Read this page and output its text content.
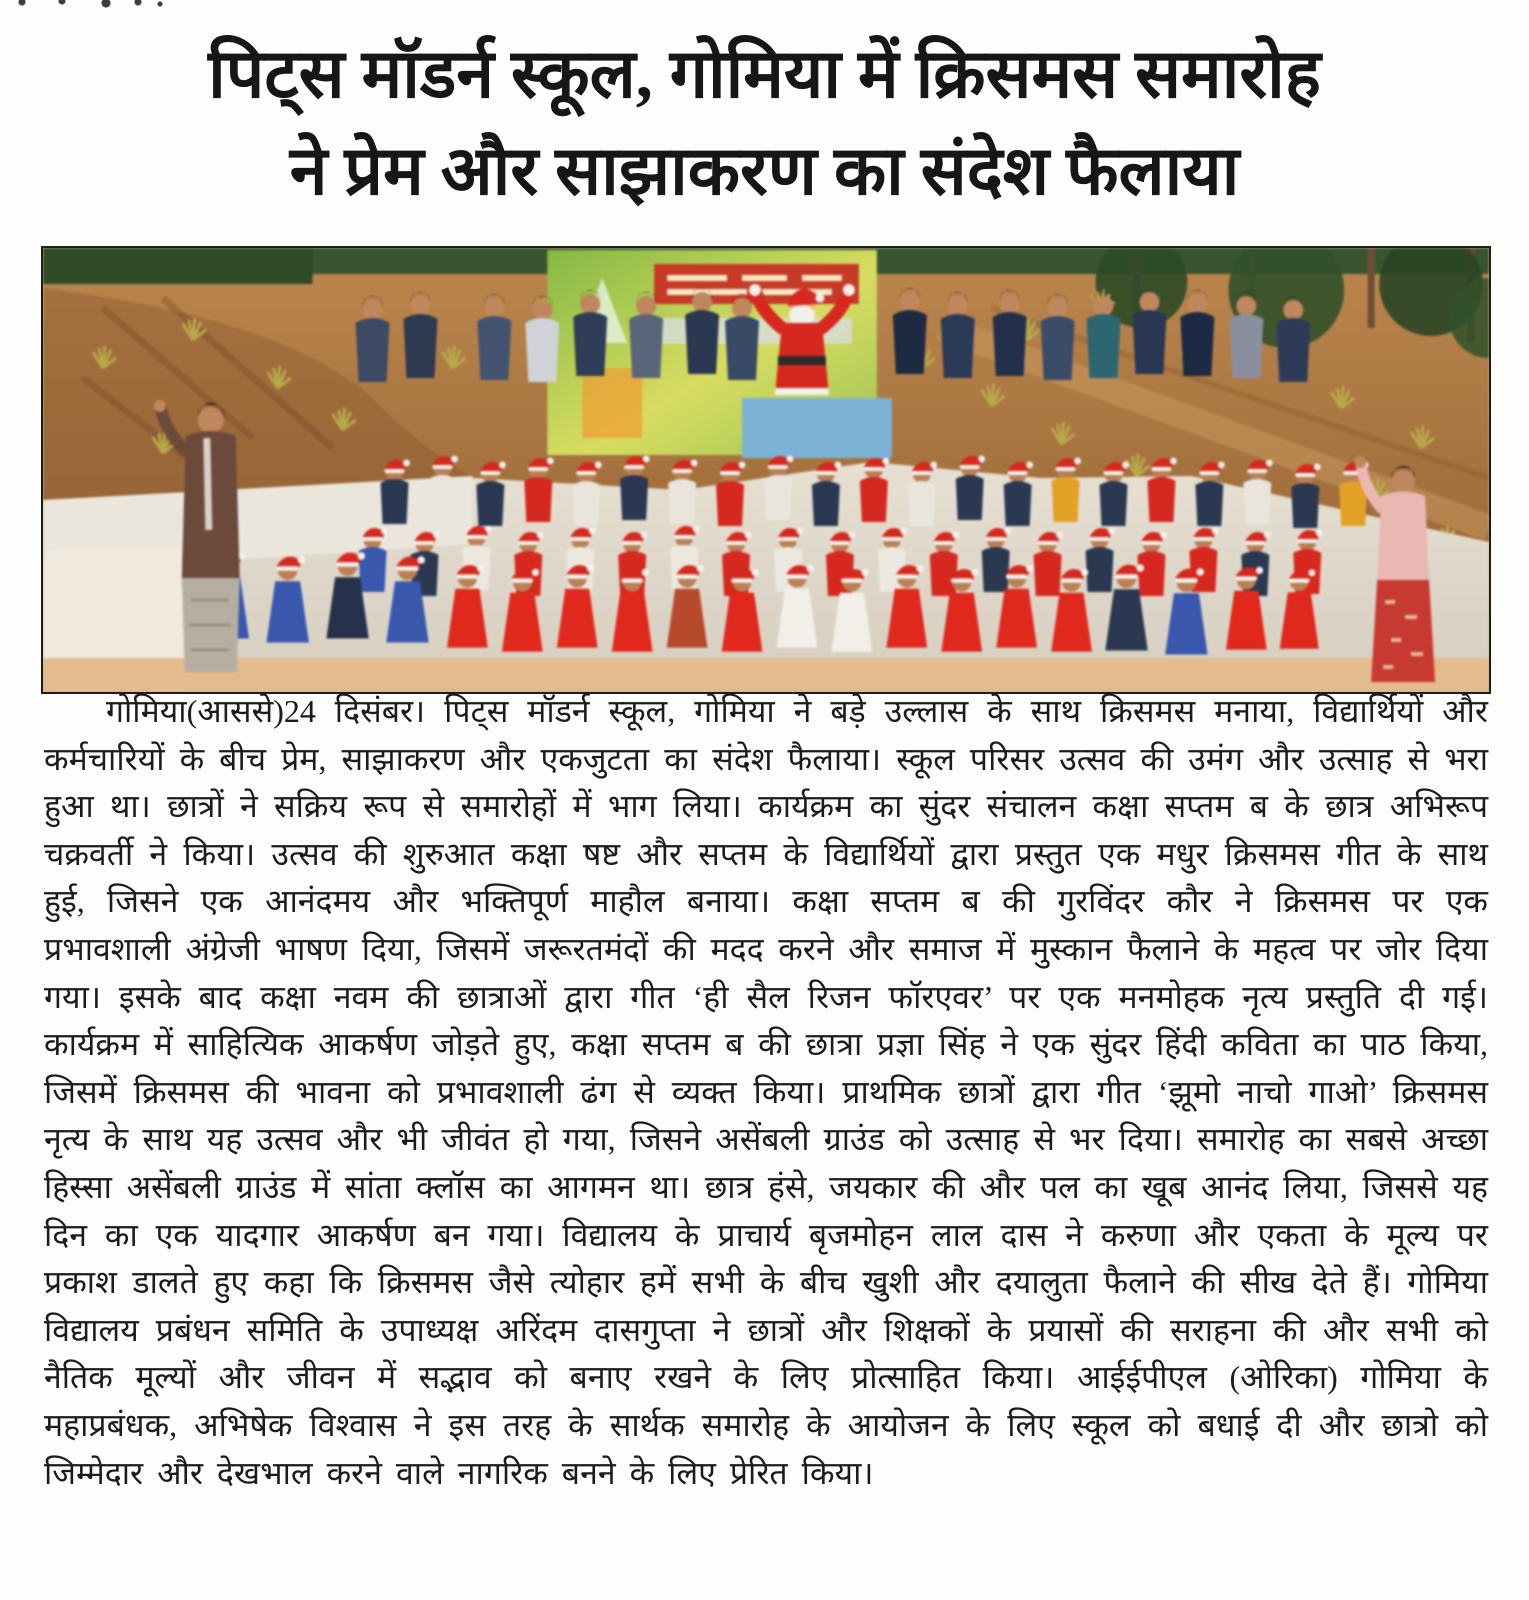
पिट्स मॉडर्न स्कूल, गोमिया में क्रिसमस समारोह
ने प्रेम और साझाकरण का संदेश फैलाया

गोमिया(आससे)24 दिसंबर। पिट्स मॉडर्न स्कूल, गोमिया ने बड़े उल्लास के साथ क्रिसमस मनाया, विद्यार्थियों और कर्मचारियों के बीच प्रेम, साझाकरण और एकजुटता का संदेश फैलाया। स्कूल परिसर उत्सव की उमंग और उत्साह से भरा हुआ था। छात्रों ने सक्रिय रूप से समारोहों में भाग लिया। कार्यक्रम का सुंदर संचालन कक्षा सप्तम ब के छात्र अभिरूप चक्रवर्ती ने किया। उत्सव की शुरुआत कक्षा षष्ट और सप्तम के विद्यार्थियों द्वारा प्रस्तुत एक मधुर क्रिसमस गीत के साथ हुई, जिसने एक आनंदमय और भक्तिपूर्ण माहौल बनाया। कक्षा सप्तम ब की गुरविंदर कौर ने क्रिसमस पर एक प्रभावशाली अंग्रेजी भाषण दिया, जिसमें जरूरतमंदों की मदद करने और समाज में मुस्कान फैलाने के महत्व पर जोर दिया गया। इसके बाद कक्षा नवम की छात्राओं द्वारा गीत ‘ही सैल रिजन फॉरएवर’ पर एक मनमोहक नृत्य प्रस्तुति दी गई। कार्यक्रम में साहित्यिक आकर्षण जोड़ते हुए, कक्षा सप्तम ब की छात्रा प्रज्ञा सिंह ने एक सुंदर हिंदी कविता का पाठ किया, जिसमें क्रिसमस की भावना को प्रभावशाली ढंग से व्यक्त किया। प्राथमिक छात्रों द्वारा गीत ‘झूमो नाचो गाओ’ क्रिसमस नृत्य के साथ यह उत्सव और भी जीवंत हो गया, जिसने असेंबली ग्राउंड को उत्साह से भर दिया। समारोह का सबसे अच्छा हिस्सा असेंबली ग्राउंड में सांता क्लॉस का आगमन था। छात्र हंसे, जयकार की और पल का खूब आनंद लिया, जिससे यह दिन का एक यादगार आकर्षण बन गया। विद्यालय के प्राचार्य बृजमोहन लाल दास ने करुणा और एकता के मूल्य पर प्रकाश डालते हुए कहा कि क्रिसमस जैसे त्योहार हमें सभी के बीच खुशी और दयालुता फैलाने की सीख देते हैं। गोमिया विद्यालय प्रबंधन समिति के उपाध्यक्ष अरिंदम दासगुप्ता ने छात्रों और शिक्षकों के प्रयासों की सराहना की और सभी को नैतिक मूल्यों और जीवन में सद्भाव को बनाए रखने के लिए प्रोत्साहित किया। आईईपीएल (ओरिका) गोमिया के महाप्रबंधक, अभिषेक विश्वास ने इस तरह के सार्थक समारोह के आयोजन के लिए स्कूल को बधाई दी और छात्रो को जिम्मेदार और देखभाल करने वाले नागरिक बनने के लिए प्रेरित किया।
